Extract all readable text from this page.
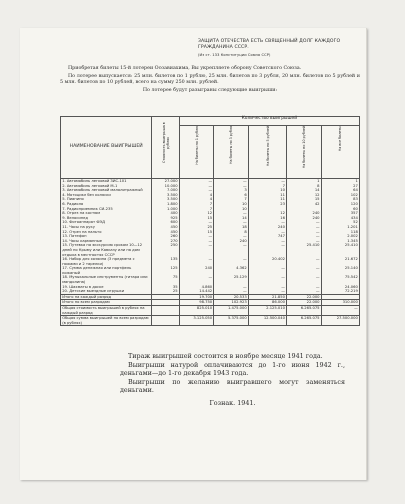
ЗАЩИТА ОТЕЧЕСТВА ЕСТЬ СВЯЩЕННЫЙ ДОЛГ КАЖДОГО ГРАЖДАНИНА СССР.
(Из ст. 133 Конституции Союза ССР)

Приобретая билеты 15-й лотереи Осоавиахима, Вы укрепляете оборону Советского Союза.

По лотерее выпускается: 25 млн. билетов по 1 рублю, 25 млн. билетов по 3 рубля, 20 млн. билетов по 5 рублей и 5 млн. билетов по 10 рублей, всего на сумму 250 млн. рублей.

По лотерее будут разыграны следующие выигрыши:

НАИМЕНОВАНИЕ ВЫИГРЫШЕЙ	Стоимость выигрыша в рублях	Количество выигрышей				

		На билеты по 1 рублю	На билеты по 3 рубля	На билеты по 5 рублей	На билеты по 10 рублей	На все билеты

1. Автомобиль легковой ЗИС-101	27.000	—	—	—	1	1
2. Автомобиль легковой М-1	10.000	—	—	7	8	27
3. Автомобиль легковой малолитражный	7.000	—	3	10	14	64
4. Мотоцикл без коляски	3.500	4	6	11	12	102
5. Пианино	3.500	4	7	11	15	83
6. Радиола	1.800	7	10	23	42	120
7. Радиоприемник СИ-235	1.000	7	10			60
8. Отрез на костюм	400	12	—	12	240	357
9. Велосипед	925	15	14	16	240	434
10. Фотоаппарат ФЭД	600	—	—	—	—	52
11. Часы на руку	450	25	18	240	—	1.201
12. Отрез на пальто	450	15	8	—	—	118
13. Патефон	260	—	—	747	—	2.002
14. Часы карманные	270	—	240	—	—	1.345
15. Путевка на экскурсию сроком 10—12 дней по Крыму или Кавказу или на дом отдыха в местностях СССР	250	—	—	—	25.410	25.410
16. Набор для хозяина (3 предмета с ножами и 2 тарелки)	135	—	—	20.402	—	21.672
17. Сумма денежная или портфель кожаный	125	240	4.362	—	—	25.140
18. Музыкальные инструменты (гитара или мандолина)	75	—	25.129	—	—	75.542
19. Шахматы в доске	35	4.860	—	—	—	24.060
20. Детские выездные игрушки	25	14.442	—	—	—	72.219
Итого на каждый разряд		19.700	20.533	21.850	22.000	
Итого по всем разрядам		98.750	102.923	86.000	22.000	310.000
Общая стоимость выигрышей в рублях на каждый разряд		825.010	1.475.000	2.125.010	6.265.075	—
Общая сумма выигрышей по всем разрядам (в рублях)		3.125.050	5.375.000	12.500.040	6.265.075	27.500.000

Тираж выигрышей состоится в ноябре месяце 1941 года.

Выигрыши натурой оплачиваются до 1-го июня 1942 г., деньгами—до 1-го декабря 1943 года.

Выигрыши по желанию выигравшего могут заменяться деньгами.

Гознак. 1941.
